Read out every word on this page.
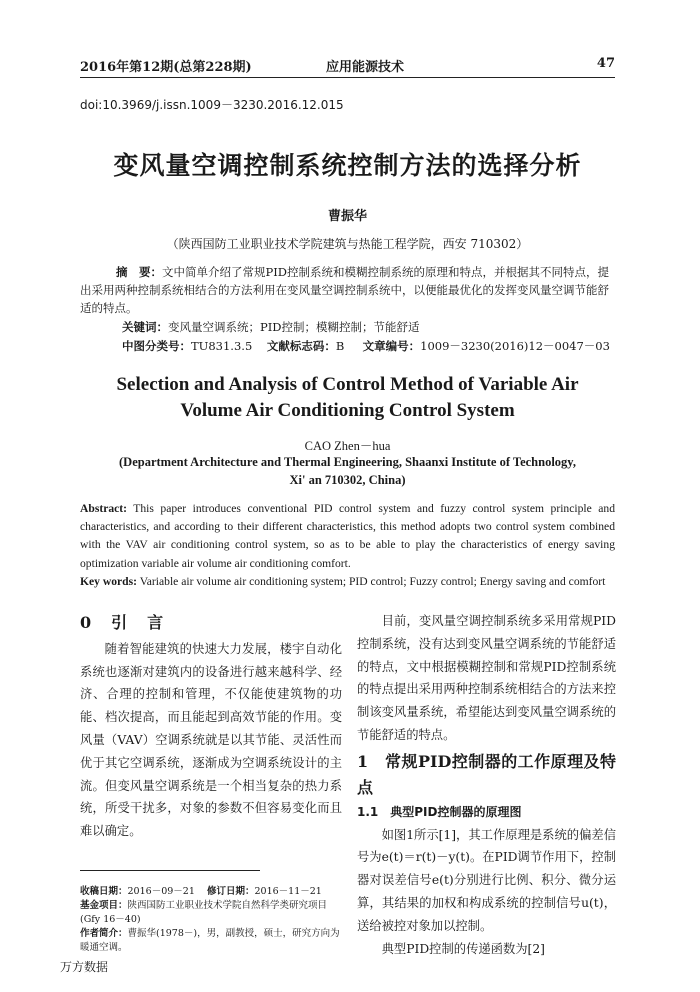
2016年第12期(总第228期)	应用能源技术	47
doi:10.3969/j.issn.1009－3230.2016.12.015
变风量空调控制系统控制方法的选择分析
曹振华
（陕西国防工业职业技术学院建筑与热能工程学院，西安 710302）
摘　要：文中简单介绍了常规PID控制系统和模糊控制系统的原理和特点，并根据其不同特点，提出采用两种控制系统相结合的方法利用在变风量空调控制系统中，以便能最优化的发挥变风量空调节能舒适的特点。
关键词：变风量空调系统；PID控制；模糊控制；节能舒适
中图分类号：TU831.3.5 文献标志码：B 文章编号：1009－3230(2016)12－0047－03
Selection and Analysis of Control Method of Variable Air
Volume Air Conditioning Control System
CAO Zhen－hua
(Department Architecture and Thermal Engineering, Shaanxi Institute of Technology,
Xi' an 710302, China)
Abstract: This paper introduces conventional PID control system and fuzzy control system principle and characteristics, and according to their different characteristics, this method adopts two control system combined with the VAV air conditioning control system, so as to be able to play the characteristics of energy saving optimization variable air volume air conditioning comfort.
Key words: Variable air volume air conditioning system; PID control; Fuzzy control; Energy saving and comfort
0　引　言

随着智能建筑的快速大力发展，楼宇自动化系统也逐渐对建筑内的设备进行越来越科学、经济、合理的控制和管理，不仅能使建筑物的功能、档次提高，而且能起到高效节能的作用。变风量（VAV）空调系统就是以其节能、灵活性而优于其它空调系统，逐渐成为空调系统设计的主流。但变风量空调系统是一个相当复杂的热力系统，所受干扰多，对象的参数不但容易变化而且难以确定。

目前，变风量空调控制系统多采用常规PID控制系统，没有达到变风量空调系统的节能舒适的特点，文中根据模糊控制和常规PID控制系统的特点提出采用两种控制系统相结合的方法来控制该变风量系统，希望能达到变风量空调系统的节能舒适的特点。

1　常规PID控制器的工作原理及特点
1.1　典型PID控制器的原理图

如图1所示[1]，其工作原理是系统的偏差信号为e(t)＝r(t)－y(t)。在PID调节作用下，控制器对误差信号e(t)分别进行比例、积分、微分运算，其结果的加权和构成系统的控制信号u(t)，送给被控对象加以控制。

典型PID控制的传递函数为[2]

收稿日期：2016－09－21 修订日期：2016－11－21
基金项目：陕西国防工业职业技术学院自然科学类研究项目(Gfy 16－40)
作者简介：曹振华(1978－)，男，副教授，硕士，研究方向为暖通空调。
万方数据
